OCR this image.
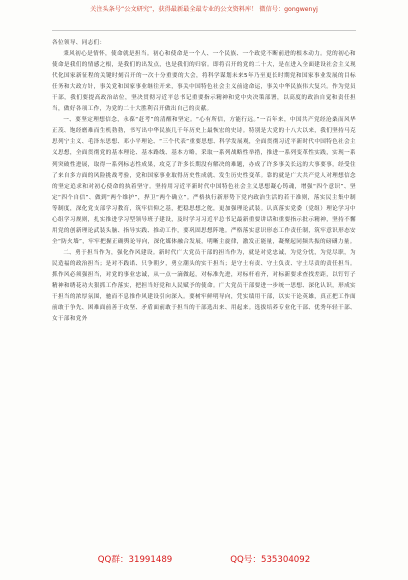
关注头条号“公文研究”，获得最新最全最专业的公文资料库！ 微信号：gongwenyj

各位领导、同志们：

秉风初心是情怀，使命就是担当。初心和使命是一个人、一个民族、一个政党不断前进的根本动力。党的初心和使命是我们的情感之根，是我们的出发点，也是我们的归宿。即将召开的党的二十大，是在进入全面建设社会主义现代化国家新征程的关键时刻召开的一次十分重要的大会，将科学谋划未来5年乃至更长时期党和国家事业发展的目标任务和大政方针，事关党和国家事业继往开来，事关中国特色社会主义前途命运，事关中华民族伟大复兴。作为党员干部，我们要提高政治站位，坚决贯彻习近平总书记重要指示精神和党中央决策部署，以高度的政治自觉和责任担当，做好各项工作，为党的二十大胜利召开做出自己的贡献。

一、要坚定理想信念，永葆“赶考”的清醒和坚定。“心有所信，方能行远。”一百年来，中国共产党经沧桑而风华正茂、饱经磨难而生机勃勃，书写出中华民族几千年历史上最恢宏的史诗。特别是大党的十八大以来，我们坚持马克思列宁主义、毛泽东思想、邓小平理论、“三个代表”重要思想、科学发展观，全面贯彻习近平新时代中国特色社会主义思想，全面贯彻党的基本理论、基本路线、基本方略，采取一系列战略性举措，推进一系列变革性实践，实现一系列突破性进展，取得一系列标志性成果，攻克了许多长期没有解决的难题，办成了许多事关长远的大事要事，经受住了来自多方面的风险挑战考验，党和国家事业取得历史性成就、发生历史性变革。靠的就是广大共产党人对理想信念的坚定追求和对初心使命的执着坚守。坚持用习近平新时代中国特色社会主义思想凝心铸魂，增强“四个意识”、坚定“四个自信”、做到“两个维护”，捍卫“两个确立”。严格执行新形势下党内政治生活的若干准则，落实民主集中制等制度，深化党支部学习教育，筑牢信仰之基，把稳思想之舵，更加强理论武装。认真落实党委（党组）理论学习中心组学习规则，扎实推进学习型领导班子建设，及时学习习近平总书记最新重要讲话和重要指示批示精神，坚持不懈用党的创新理论武装头脑、指导实践、推动工作，要巩固思想阵地。严格落实意识形态工作责任制，筑牢意识形态安全“防火墙”，牢牢把握正确舆论导向，深化媒体融合发展，明晰主旋律，激发正能量，凝聚起同频共振的磅礴力量。

二、勇于担当作为，强化作风建设。新时代广大党员干部的担当作为，就是对党忠诚，为党分忧，为党尽职，为民造福的政治担当；是对不践诺、只争朝夕，勇立潮头的实干担当；是守土有责、守土负责、守土尽责的责任担当。抓作风必须强担当，对党的事业忠诚，从一点一滴做起，对标准先进，对标杆看齐，对标新要求查找差距，以钉钉子精神和绣花功夫狠抓工作落实，把担当好党和人民赋予的使命。广大党员干部要进一步统一思想、深化认识，形成实干担当的浓厚氛围，驰而不息推作风建设引向深入。要树牢鲜明导向，凭实绩用干部，以实干论英雄，真正把工作面前敢于争先、困难面前善于攻坚、矛盾面前敢于担当的干部选出来、用起来。选拔培养专业化干部、优秀年轻干部、女干部和党外

QQ群：31991489	QQ号：535304092
